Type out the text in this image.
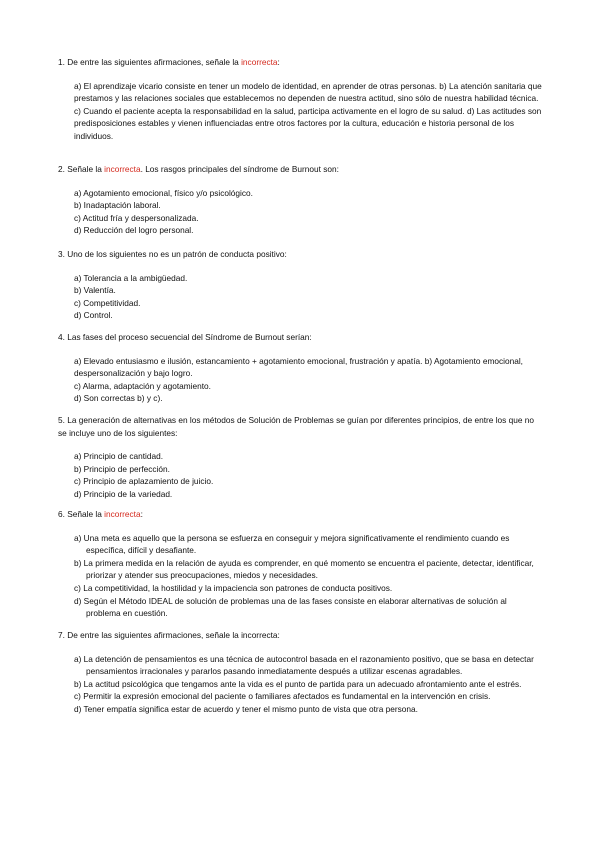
1. De entre las siguientes afirmaciones, señale la incorrecta:

a) El aprendizaje vicario consiste en tener un modelo de identidad, en aprender de otras personas. b) La atención sanitaria que prestamos y las relaciones sociales que establecemos no dependen de nuestra actitud, sino sólo de nuestra habilidad técnica.

c) Cuando el paciente acepta la responsabilidad en la salud, participa activamente en el logro de su salud. d) Las actitudes son predisposiciones estables y vienen influenciadas entre otros factores por la cultura, educación e historia personal de los individuos.

2. Señale la incorrecta. Los rasgos principales del síndrome de Burnout son:

a) Agotamiento emocional, físico y/o psicológico.

b) Inadaptación laboral.

c) Actitud fría y despersonalizada.

d) Reducción del logro personal.

3. Uno de los siguientes no es un patrón de conducta positivo:

a) Tolerancia a la ambigüedad.

b) Valentía.

c) Competitividad.

d) Control.

4. Las fases del proceso secuencial del Síndrome de Burnout serían:

a) Elevado entusiasmo e ilusión, estancamiento + agotamiento emocional, frustración y apatía. b) Agotamiento emocional, despersonalización y bajo logro.

c) Alarma, adaptación y agotamiento.

d) Son correctas b) y c).

5. La generación de alternativas en los métodos de Solución de Problemas se guían por diferentes principios, de entre los que no se incluye uno de los siguientes:

a) Principio de cantidad.

b) Principio de perfección.

c) Principio de aplazamiento de juicio.

d) Principio de la variedad.

6. Señale la incorrecta:

a) Una meta es aquello que la persona se esfuerza en conseguir y mejora significativamente el rendimiento cuando es específica, difícil y desafiante.

b) La primera medida en la relación de ayuda es comprender, en qué momento se encuentra el paciente, detectar, identificar, priorizar y atender sus preocupaciones, miedos y necesidades.

c) La competitividad, la hostilidad y la impaciencia son patrones de conducta positivos.

d) Según el Método IDEAL de solución de problemas una de las fases consiste en elaborar alternativas de solución al problema en cuestión.

7. De entre las siguientes afirmaciones, señale la incorrecta:

a) La detención de pensamientos es una técnica de autocontrol basada en el razonamiento positivo, que se basa en detectar pensamientos irracionales y pararlos pasando inmediatamente después a utilizar escenas agradables.

b) La actitud psicológica que tengamos ante la vida es el punto de partida para un adecuado afrontamiento ante el estrés.

c) Permitir la expresión emocional del paciente o familiares afectados es fundamental en la intervención en crisis.

d) Tener empatía significa estar de acuerdo y tener el mismo punto de vista que otra persona.
